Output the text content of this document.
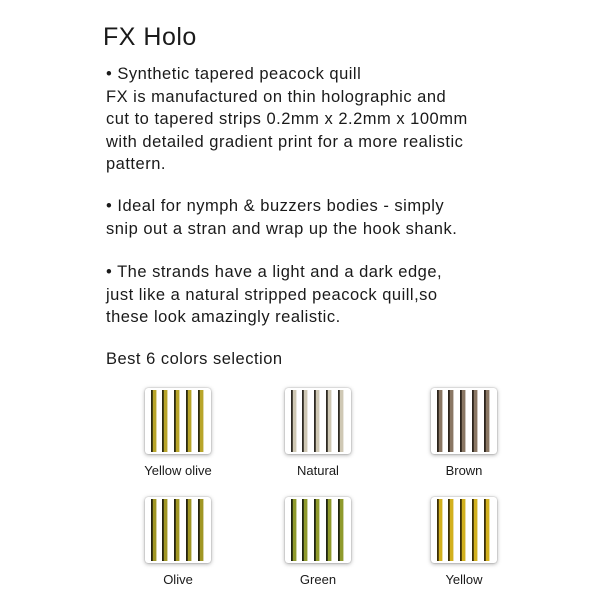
FX Holo
• Synthetic tapered peacock quill
FX is manufactured on thin holographic and
cut to tapered strips 0.2mm x 2.2mm x 100mm
with detailed gradient print for a more realistic
pattern.
• Ideal for nymph & buzzers bodies - simply
snip out a stran and wrap up the hook shank.
• The strands have a light and a dark edge,
just like a natural stripped peacock quill,so
these look amazingly realistic.
Best 6 colors selection
Yellow olive	Natural	Brown
Olive	Green	Yellow
